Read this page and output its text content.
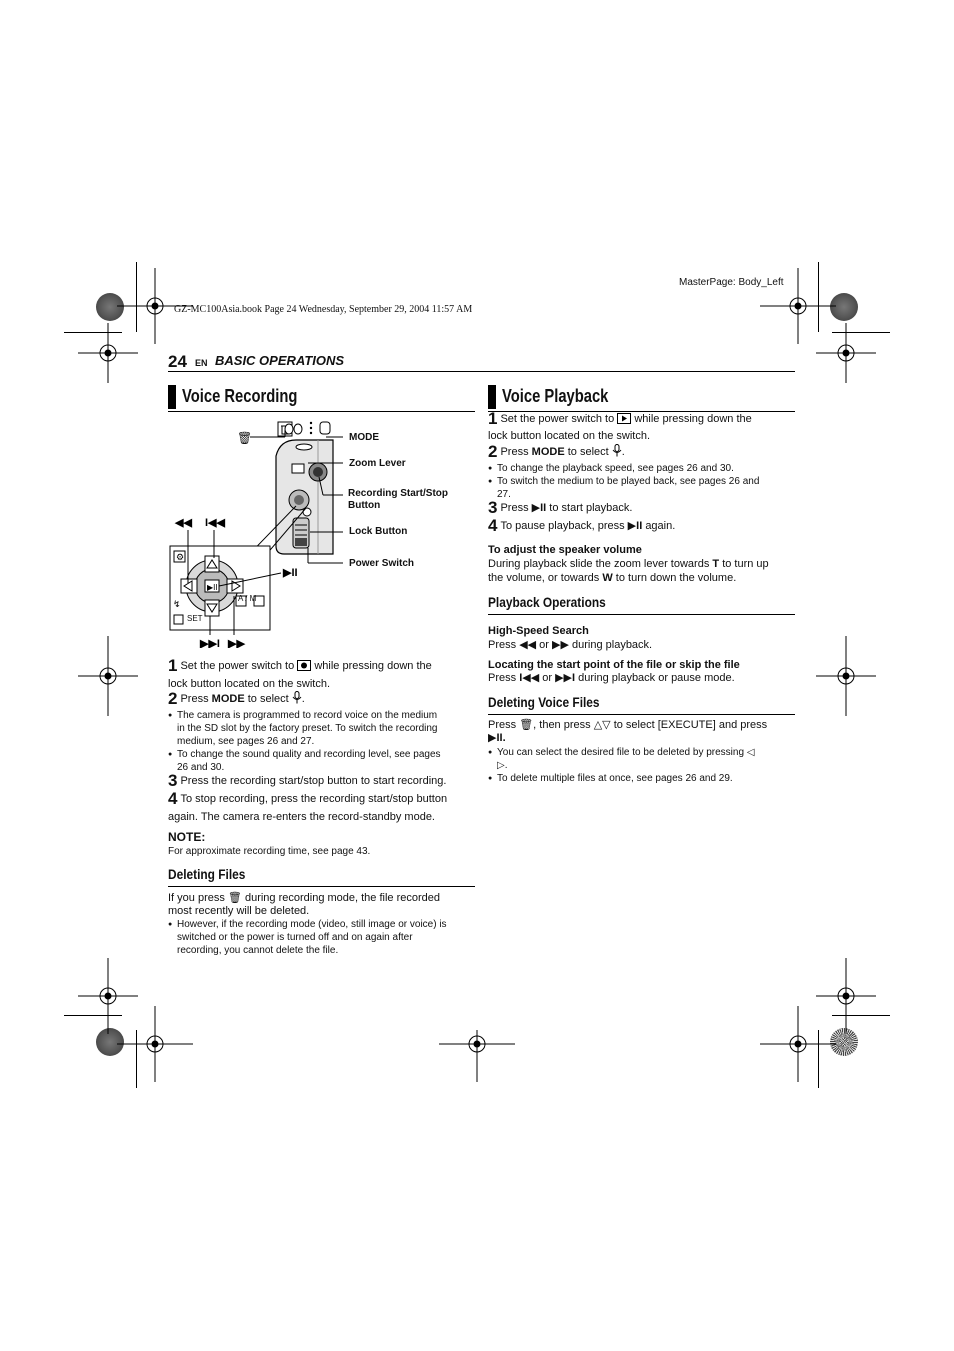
MasterPage: Body_Left
GZ-MC100Asia.book Page 24 Wednesday, September 29, 2004 11:57 AM
24 EN BASIC OPERATIONS
Voice Recording
⚙
▶II
◀◀ I◀◀
▶▶I ▶▶
▶II
↯
MODE
Zoom Lever
Recording Start/Stop
Button
Lock Button
Power Switch
SET
A / M
🗑
1 Set the power switch to while pressing down the
lock button located on the switch.
2 Press MODE to select .
● The camera is programmed to record voice on the medium
in the SD slot by the factory preset. To switch the recording
medium, see pages 26 and 27.
● To change the sound quality and recording level, see pages
26 and 30.
3 Press the recording start/stop button to start recording.
4 To stop recording, press the recording start/stop button
again. The camera re-enters the record-standby mode.
NOTE:
For approximate recording time, see page 43.
Deleting Files
If you press 🗑 during recording mode, the file recorded
most recently will be deleted.
● However, if the recording mode (video, still image or voice) is
switched or the power is turned off and on again after
recording, you cannot delete the file.
Voice Playback
1 Set the power switch to while pressing down the
lock button located on the switch.
2 Press MODE to select .
● To change the playback speed, see pages 26 and 30.
● To switch the medium to be played back, see pages 26 and
27.
3 Press ▶II to start playback.
4 To pause playback, press ▶II again.
To adjust the speaker volume
During playback slide the zoom lever towards T to turn up
the volume, or towards W to turn down the volume.
Playback Operations
High-Speed Search
Press ◀◀ or ▶▶ during playback.
Locating the start point of the file or skip the file
Press I◀◀ or ▶▶I during playback or pause mode.
Deleting Voice Files
Press 🗑, then press △▽ to select [EXECUTE] and press
▶II.
● You can select the desired file to be deleted by pressing ◁
▷.
● To delete multiple files at once, see pages 26 and 29.
